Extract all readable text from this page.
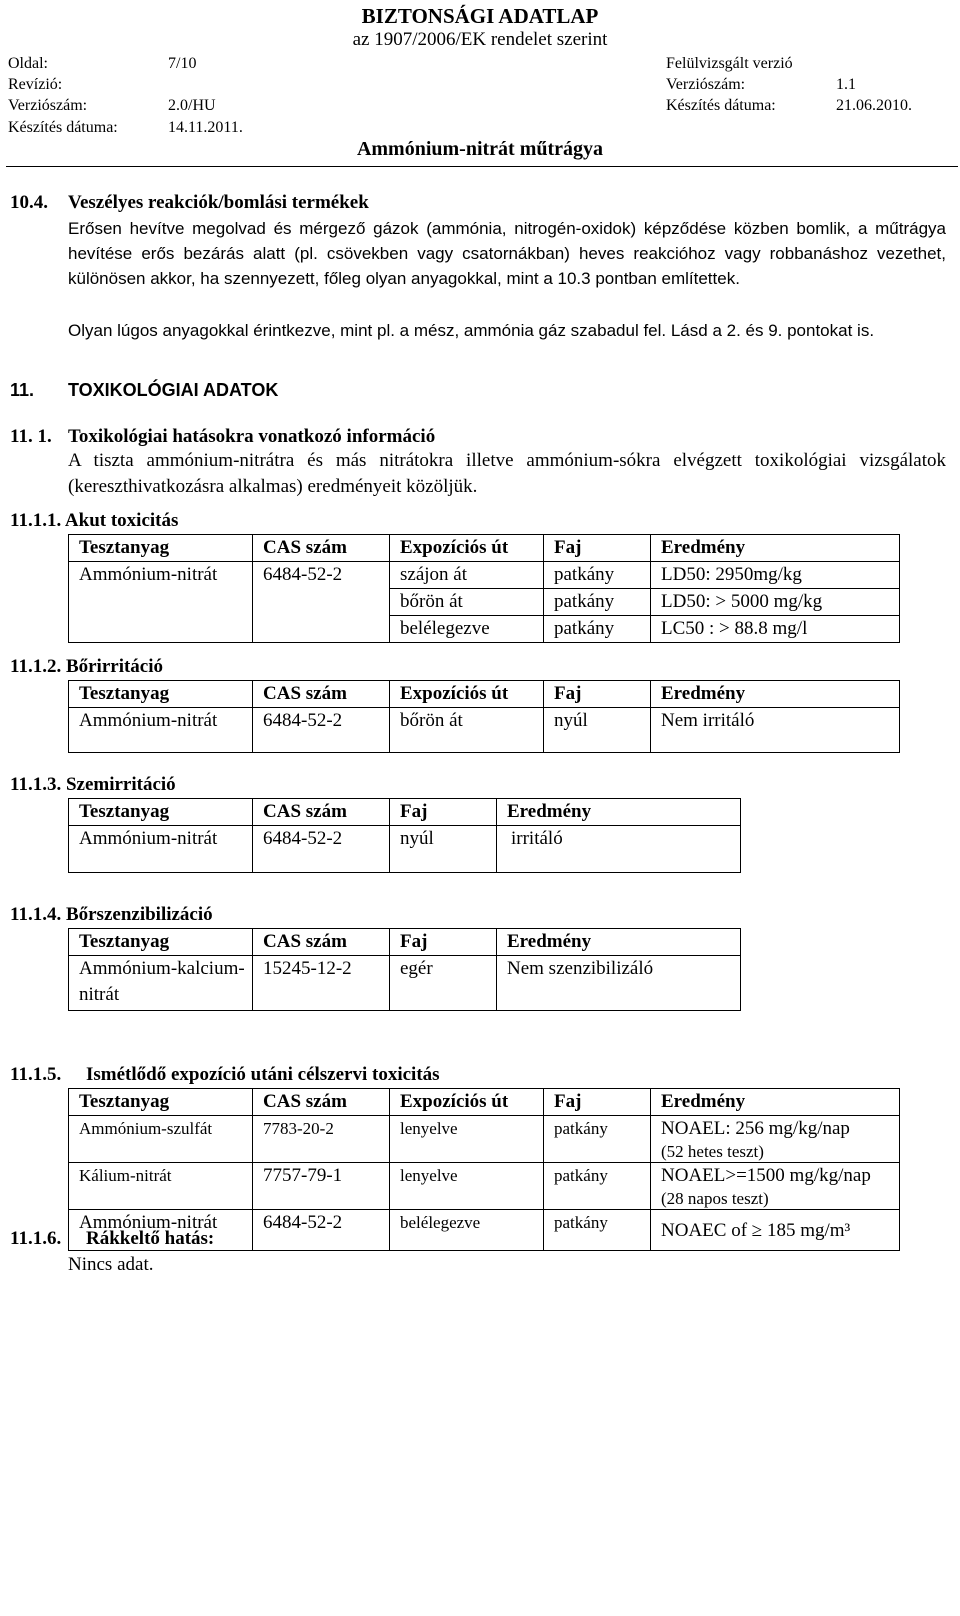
BIZTONSÁGI ADATLAP
az 1907/2006/EK rendelet szerint
Oldal:	7/10
Revízió:
Verziószám:	2.0/HU
Készítés dátuma:	14.11.2011.
Felülvizsgált verzió
Verziószám:	1.1
Készítés dátuma:	21.06.2010.
Ammónium-nitrát műtrágya
10.4. Veszélyes reakciók/bomlási termékek
Erősen hevítve megolvad és mérgező gázok (ammónia, nitrogén-oxidok) képződése közben bomlik, a műtrágya hevítése erős bezárás alatt (pl. csövekben vagy csatornákban) heves reakcióhoz vagy robbanáshoz vezethet, különösen akkor, ha szennyezett, főleg olyan anyagokkal, mint a 10.3 pontban említettek.
Olyan lúgos anyagokkal érintkezve, mint pl. a mész, ammónia gáz szabadul fel. Lásd a 2. és 9. pontokat is.
11. TOXIKOLÓGIAI ADATOK
11. 1. Toxikológiai hatásokra vonatkozó információ
A tiszta ammónium-nitrátra és más nitrátokra illetve ammónium-sókra elvégzett toxikológiai vizsgálatok (kereszthivatkozásra alkalmas) eredményeit közöljük.
11.1.1. Akut toxicitás
Tesztanyag	CAS szám	Expozíciós út	Faj	Eredmény
Ammónium-nitrát	6484-52-2	szájon át	patkány	LD50: 2950mg/kg
		bőrön át	patkány	LD50: > 5000 mg/kg
		belélegezve	patkány	LC50 : > 88.8 mg/l
11.1.2. Bőrirritáció
Tesztanyag	CAS szám	Expozíciós út	Faj	Eredmény
Ammónium-nitrát	6484-52-2	bőrön át	nyúl	Nem irritáló
11.1.3. Szemirritáció
Tesztanyag	CAS szám	Faj	Eredmény
Ammónium-nitrát	6484-52-2	nyúl	irritáló
11.1.4. Bőrszenzibilizáció
Tesztanyag	CAS szám	Faj	Eredmény
Ammónium-kalcium-nitrát	15245-12-2	egér	Nem szenzibilizáló
11.1.5. Ismétlődő expozíció utáni célszervi toxicitás
Tesztanyag	CAS szám	Expozíciós út	Faj	Eredmény
Ammónium-szulfát	7783-20-2	lenyelve	patkány	NOAEL: 256 mg/kg/nap
(52 hetes teszt)

Kálium-nitrát	7757-79-1	lenyelve	patkány	NOAEL>=1500 mg/kg/nap
(28 napos teszt)

Ammónium-nitrát	6484-52-2	belélegezve	patkány	NOAEC of ≥ 185 mg/m³
11.1.6. Rákkeltő hatás:
Nincs adat.
